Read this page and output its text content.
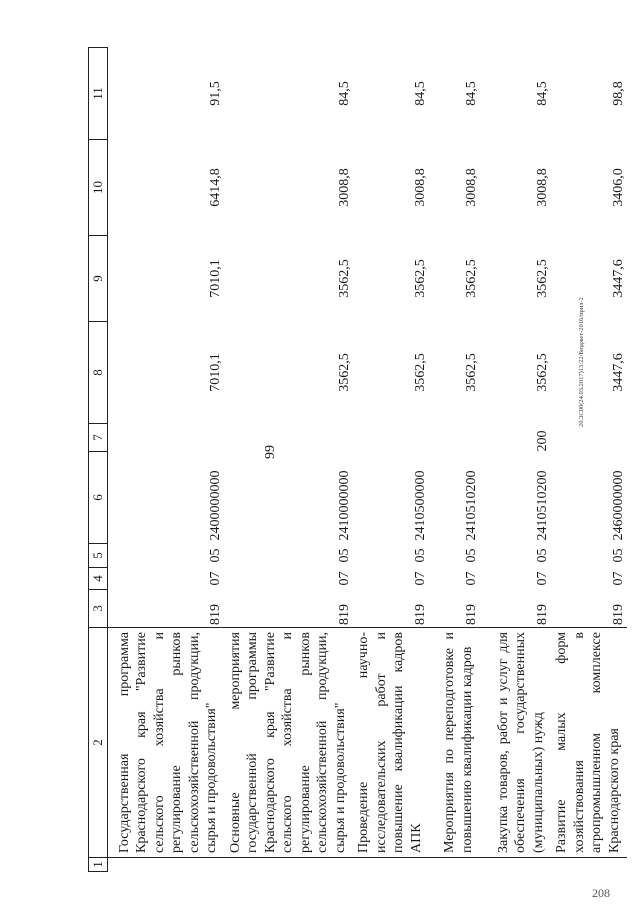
99
20.3С00(24.03.2017)13:22/Бюджет-2016/прил-2
208
1	2	3	4	5	6	7	8	9	10	11
	Государственная программа Краснодарского края "Развитие сельского хозяйства и регулирование рынков сельскохозяйственной продукции, сырья и продовольствия"	819	07	05	2400000000		7010,1	7010,1	6414,8	91,5
	Основные мероприятия государственной программы Краснодарского края "Развитие сельского хозяйства и регулирование рынков сельскохозяйственной продукции, сырья и продовольствия"	819	07	05	2410000000		3562,5	3562,5	3008,8	84,5
	Проведение научно-исследовательских работ и повышение квалификации кадров АПК	819	07	05	2410500000		3562,5	3562,5	3008,8	84,5
	Мероприятия по переподготовке и повышению квалификации кадров	819	07	05	2410510200		3562,5	3562,5	3008,8	84,5
	Закупка товаров, работ и услуг для обеспечения государственных (муниципальных) нужд	819	07	05	2410510200	200	3562,5	3562,5	3008,8	84,5
	Развитие малых форм хозяйствования в агропромышленном комплексе Краснодарского края	819	07	05	2460000000		3447,6	3447,6	3406,0	98,8
